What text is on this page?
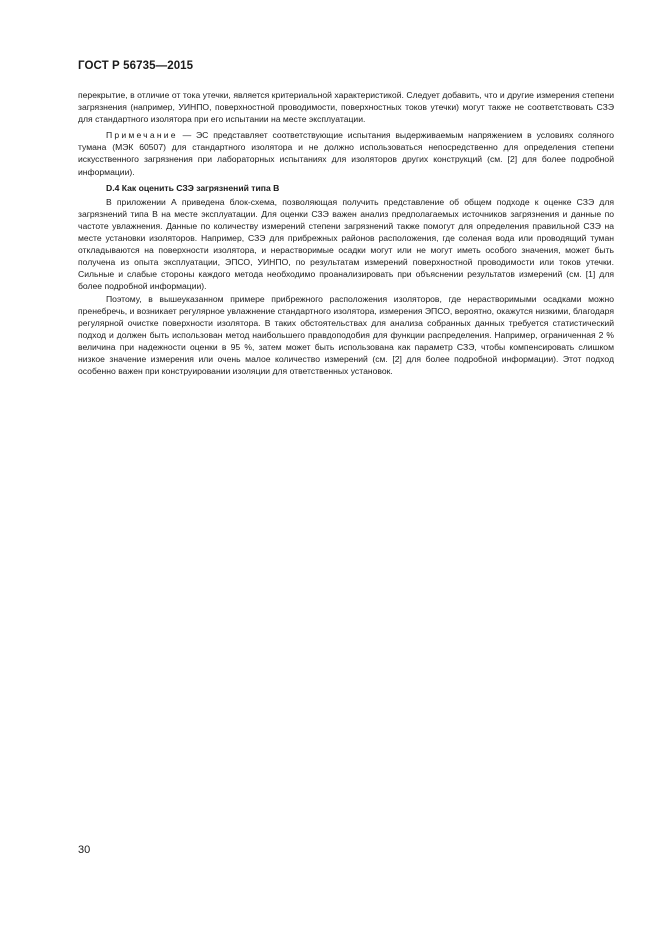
ГОСТ Р 56735—2015

перекрытие, в отличие от тока утечки, является критериальной характеристикой. Следует добавить, что и другие измерения степени загрязнения (например, УИНПО, поверхностной проводимости, поверхностных токов утечки) могут также не соответствовать СЗЭ для стандартного изолятора при его испытании на месте эксплуатации.

Примечание — ЭС представляет соответствующие испытания выдерживаемым напряжением в условиях соляного тумана (МЭК 60507) для стандартного изолятора и не должно использоваться непосредственно для определения степени искусственного загрязнения при лабораторных испытаниях для изоляторов других конструкций (см. [2] для более подробной информации).

D.4 Как оценить СЗЭ загрязнений типа В

В приложении А приведена блок-схема, позволяющая получить представление об общем подходе к оценке СЗЭ для загрязнений типа В на месте эксплуатации. Для оценки СЗЭ важен анализ предполагаемых источников загрязнения и данные по частоте увлажнения. Данные по количеству измерений степени загрязнений также помогут для определения правильной СЗЭ на месте установки изоляторов. Например, СЗЭ для прибрежных районов расположения, где соленая вода или проводящий туман откладываются на поверхности изолятора, и нерастворимые осадки могут или не могут иметь особого значения, может быть получена из опыта эксплуатации, ЭПСО, УИНПО, по результатам измерений поверхностной проводимости или токов утечки. Сильные и слабые стороны каждого метода необходимо проанализировать при объяснении результатов измерений (см. [1] для более подробной информации).

Поэтому, в вышеуказанном примере прибрежного расположения изоляторов, где нерастворимыми осадками можно пренебречь, и возникает регулярное увлажнение стандартного изолятора, измерения ЭПСО, вероятно, окажутся низкими, благодаря регулярной очистке поверхности изолятора. В таких обстоятельствах для анализа собранных данных требуется статистический подход и должен быть использован метод наибольшего правдоподобия для функции распределения. Например, ограниченная 2 % величина при надежности оценки в 95 %, затем может быть использована как параметр СЗЭ, чтобы компенсировать слишком низкое значение измерения или очень малое количество измерений (см. [2] для более подробной информации). Этот подход особенно важен при конструировании изоляции для ответственных установок.

30
